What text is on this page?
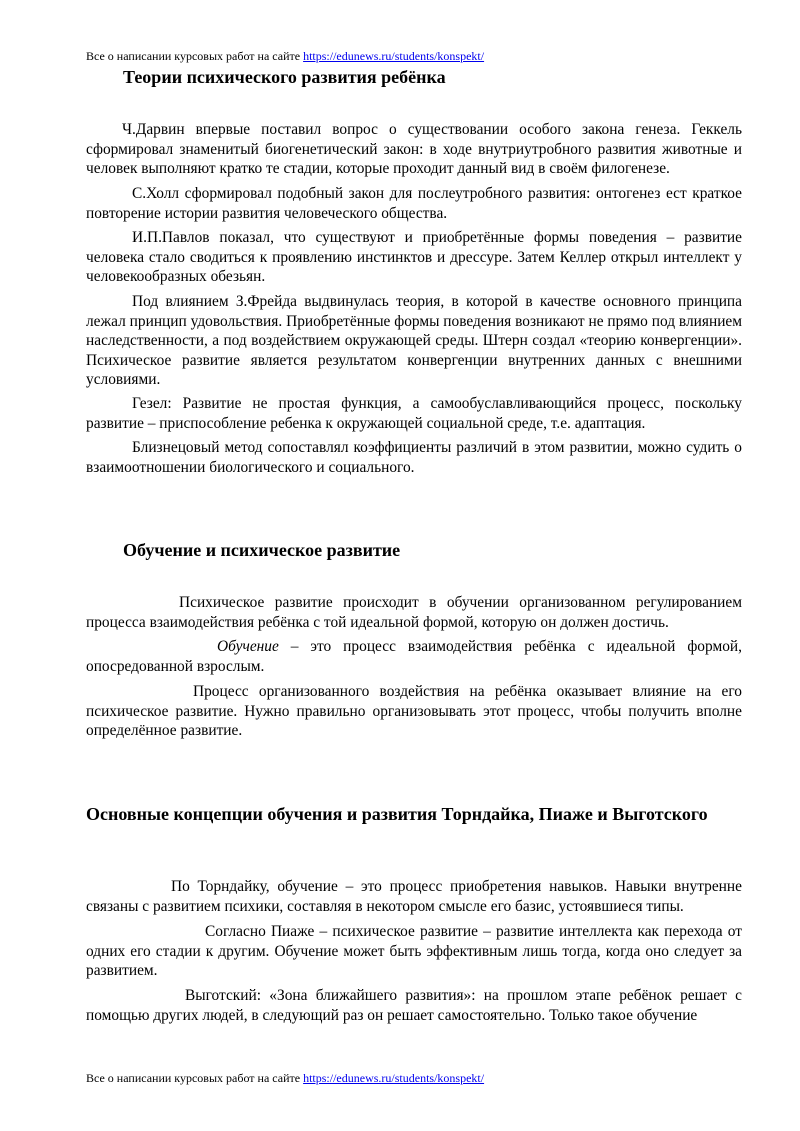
Все о написании курсовых работ на сайте https://edunews.ru/students/konspekt/
Теории психического развития ребёнка

Ч.Дарвин впервые поставил вопрос о существовании особого закона генеза. Геккель сформировал знаменитый биогенетический закон: в ходе внутриутробного развития животные и человек выполняют кратко те стадии, которые проходит данный вид в своём филогенезе.

С.Холл сформировал подобный закон для послеутробного развития: онтогенез ест краткое повторение истории развития человеческого общества.

И.П.Павлов показал, что существуют и приобретённые формы поведения – развитие человека стало сводиться к проявлению инстинктов и дрессуре. Затем Келлер открыл интеллект у человекообразных обезьян.

Под влиянием З.Фрейда выдвинулась теория, в которой в качестве основного принципа лежал принцип удовольствия. Приобретённые формы поведения возникают не прямо под влиянием наследственности, а под воздействием окружающей среды. Штерн создал «теорию конвергенции». Психическое развитие является результатом конвергенции внутренних данных с внешними условиями.

Гезел: Развитие не простая функция, а самообуславливающийся процесс, поскольку развитие – приспособление ребенка к окружающей социальной среде, т.е. адаптация.

Близнецовый метод сопоставлял коэффициенты различий в этом развитии, можно судить о взаимоотношении биологического и социального.

Обучение и психическое развитие

Психическое развитие происходит в обучении организованном регулированием процесса взаимодействия ребёнка с той идеальной формой, которую он должен достичь.

Обучение – это процесс взаимодействия ребёнка с идеальной формой, опосредованной взрослым.

Процесс организованного воздействия на ребёнка оказывает влияние на его психическое развитие. Нужно правильно организовывать этот процесс, чтобы получить вполне определённое развитие.

Основные концепции обучения и развития Торндайка, Пиаже и Выготского

По Торндайку, обучение – это процесс приобретения навыков. Навыки внутренне связаны с развитием психики, составляя в некотором смысле его базис, устоявшиеся типы.

Согласно Пиаже – психическое развитие – развитие интеллекта как перехода от одних его стадии к другим. Обучение может быть эффективным лишь тогда, когда оно следует за развитием.

Выготский: «Зона ближайшего развития»: на прошлом этапе ребёнок решает с помощью других людей, в следующий раз он решает самостоятельно. Только такое обучение

Все о написании курсовых работ на сайте https://edunews.ru/students/konspekt/
